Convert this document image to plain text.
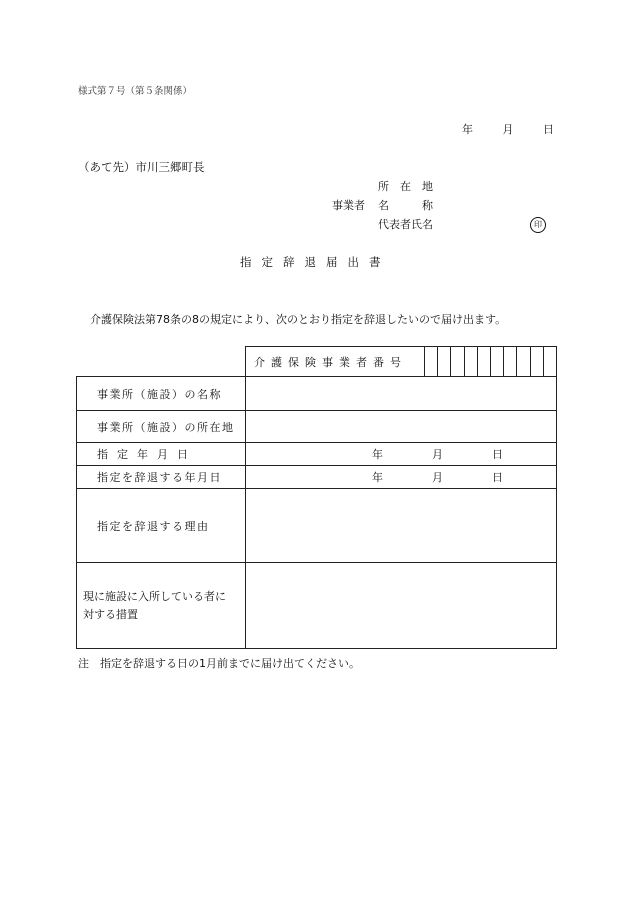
様式第７号（第５条関係）
年	月	日
（あて先）市川三郷町長
所　在　地
事業者 名　　　称
代表者氏名	印
指定辞退届出書
介護保険法第78条の8の規定により、次のとおり指定を辞退したいので届け出ます。
	介護保険事業者番号										
事業所（施設）の名称											
事業所（施設）の所在地											
指定年月日	年 月 日										

指定を辞退する年月日	年 月 日										

指定を辞退する理由											

現に施設に入所している者に
対する措置											

注　指定を辞退する日の1月前までに届け出てください。
